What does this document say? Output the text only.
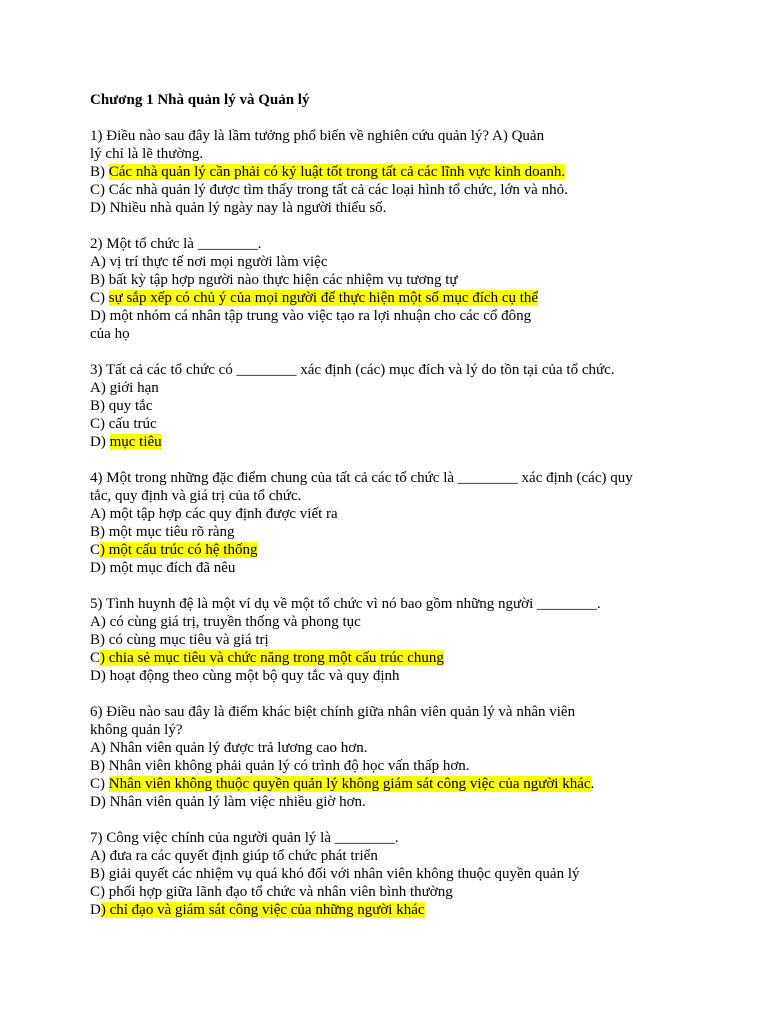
Chương 1 Nhà quản lý và Quản lý
1) Điều nào sau đây là lầm tưởng phổ biến về nghiên cứu quản lý? A) Quản
lý chỉ là lẽ thường.
B) Các nhà quản lý cần phải có kỷ luật tốt trong tất cả các lĩnh vực kinh doanh.
C) Các nhà quản lý được tìm thấy trong tất cả các loại hình tổ chức, lớn và nhỏ.
D) Nhiều nhà quản lý ngày nay là người thiểu số.
2) Một tổ chức là ________.
A) vị trí thực tế nơi mọi người làm việc
B) bất kỳ tập hợp người nào thực hiện các nhiệm vụ tương tự
C) sự sắp xếp có chủ ý của mọi người để thực hiện một số mục đích cụ thể
D) một nhóm cá nhân tập trung vào việc tạo ra lợi nhuận cho các cổ đông
của họ
3) Tất cả các tổ chức có ________ xác định (các) mục đích và lý do tồn tại của tổ chức.
A) giới hạn
B) quy tắc
C) cấu trúc
D) mục tiêu
4) Một trong những đặc điểm chung của tất cả các tổ chức là ________ xác định (các) quy
tắc, quy định và giá trị của tổ chức.
A) một tập hợp các quy định được viết ra
B) một mục tiêu rõ ràng
C) một cấu trúc có hệ thống
D) một mục đích đã nêu
5) Tình huynh đệ là một ví dụ về một tổ chức vì nó bao gồm những người ________.
A) có cùng giá trị, truyền thống và phong tục
B) có cùng mục tiêu và giá trị
C) chia sẻ mục tiêu và chức năng trong một cấu trúc chung
D) hoạt động theo cùng một bộ quy tắc và quy định
6) Điều nào sau đây là điểm khác biệt chính giữa nhân viên quản lý và nhân viên
không quản lý?
A) Nhân viên quản lý được trả lương cao hơn.
B) Nhân viên không phải quản lý có trình độ học vấn thấp hơn.
C) Nhân viên không thuộc quyền quản lý không giám sát công việc của người khác.
D) Nhân viên quản lý làm việc nhiều giờ hơn.
7) Công việc chính của người quản lý là ________.
A) đưa ra các quyết định giúp tổ chức phát triển
B) giải quyết các nhiệm vụ quá khó đối với nhân viên không thuộc quyền quản lý
C) phối hợp giữa lãnh đạo tổ chức và nhân viên bình thường
D) chỉ đạo và giám sát công việc của những người khác
